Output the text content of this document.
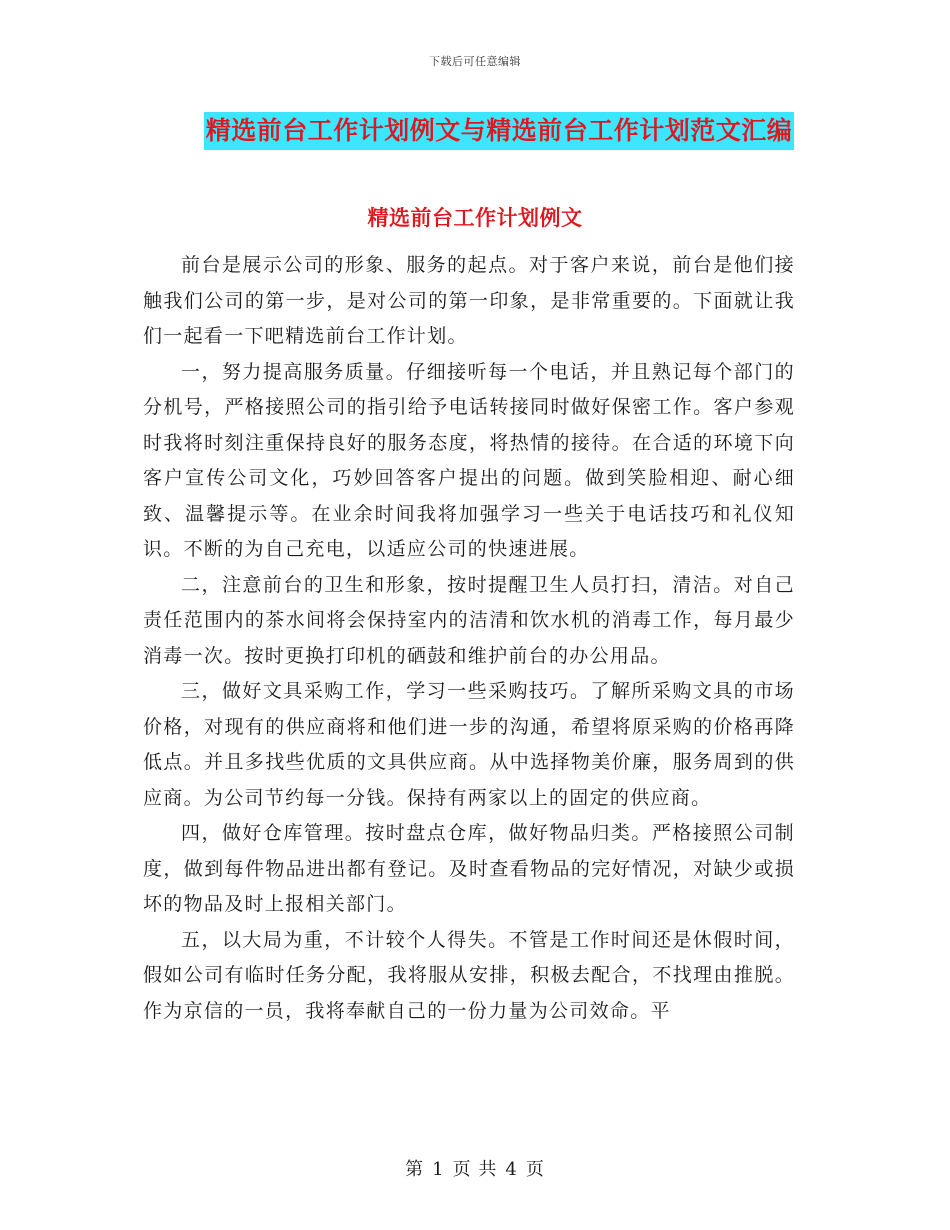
下载后可任意编辑
精选前台工作计划例文与精选前台工作计划范文汇编
精选前台工作计划例文

前台是展示公司的形象、服务的起点。对于客户来说，前台是他们接触我们公司的第一步，是对公司的第一印象，是非常重要的。下面就让我们一起看一下吧精选前台工作计划。

一，努力提高服务质量。仔细接听每一个电话，并且熟记每个部门的分机号，严格接照公司的指引给予电话转接同时做好保密工作。客户参观时我将时刻注重保持良好的服务态度，将热情的接待。在合适的环境下向客户宣传公司文化，巧妙回答客户提出的问题。做到笑脸相迎、耐心细致、温馨提示等。在业余时间我将加强学习一些关于电话技巧和礼仪知识。不断的为自己充电，以适应公司的快速进展。

二，注意前台的卫生和形象，按时提醒卫生人员打扫，清洁。对自己责任范围内的茶水间将会保持室内的洁清和饮水机的消毒工作，每月最少消毒一次。按时更换打印机的硒鼓和维护前台的办公用品。

三，做好文具采购工作，学习一些采购技巧。了解所采购文具的市场价格，对现有的供应商将和他们进一步的沟通，希望将原采购的价格再降低点。并且多找些优质的文具供应商。从中选择物美价廉，服务周到的供应商。为公司节约每一分钱。保持有两家以上的固定的供应商。

四，做好仓库管理。按时盘点仓库，做好物品归类。严格接照公司制度，做到每件物品进出都有登记。及时查看物品的完好情况，对缺少或损坏的物品及时上报相关部门。

五，以大局为重，不计较个人得失。不管是工作时间还是休假时间，假如公司有临时任务分配，我将服从安排，积极去配合，不找理由推脱。作为京信的一员，我将奉献自己的一份力量为公司效命。平

第 1 页 共 4 页
